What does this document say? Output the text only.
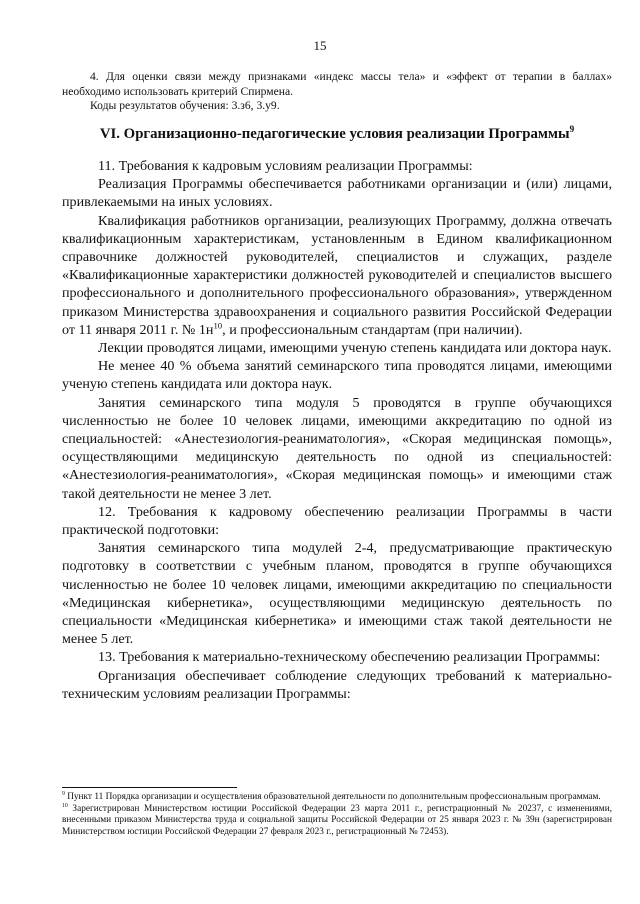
15

4. Для оценки связи между признаками «индекс массы тела» и «эффект от терапии в баллах» необходимо использовать критерий Спирмена.

Коды результатов обучения: 3.з6, 3.у9.

VI. Организационно-педагогические условия реализации Программы$^9$

11. Требования к кадровым условиям реализации Программы:

Реализация Программы обеспечивается работниками организации и (или) лицами, привлекаемыми на иных условиях.

Квалификация работников организации, реализующих Программу, должна отвечать квалификационным характеристикам, установленным в Едином квалификационном справочнике должностей руководителей, специалистов и служащих, разделе «Квалификационные характеристики должностей руководителей и специалистов высшего профессионального и дополнительного профессионального образования», утвержденном приказом Министерства здравоохранения и социального развития Российской Федерации от 11 января 2011 г. № $1н^{10}$, и профессиональным стандартам (при наличии).

Лекции проводятся лицами, имеющими ученую степень кандидата или доктора наук.

Не менее 40 % объема занятий семинарского типа проводятся лицами, имеющими ученую степень кандидата или доктора наук.

Занятия семинарского типа модуля 5 проводятся в группе обучающихся численностью не более 10 человек лицами, имеющими аккредитацию по одной из специальностей: «Анестезиология-реаниматология», «Скорая медицинская помощь», осуществляющими медицинскую деятельность по одной из специальностей: «Анестезиология-реаниматология», «Скорая медицинская помощь» и имеющими стаж такой деятельности не менее 3 лет.

12. Требования к кадровому обеспечению реализации Программы в части практической подготовки:

Занятия семинарского типа модулей 2-4, предусматривающие практическую подготовку в соответствии с учебным планом, проводятся в группе обучающихся численностью не более 10 человек лицами, имеющими аккредитацию по специальности «Медицинская кибернетика», осуществляющими медицинскую деятельность по специальности «Медицинская кибернетика» и имеющими стаж такой деятельности не менее 5 лет.

13. Требования к материально-техническому обеспечению реализации Программы:

Организация обеспечивает соблюдение следующих требований к материально-техническим условиям реализации Программы:

$^9$ Пункт 11 Порядка организации и осуществления образовательной деятельности по дополнительным профессиональным программам.

$^{10}$ Зарегистрирован Министерством юстиции Российской Федерации 23 марта 2011 г., регистрационный № 20237, с изменениями, внесенными приказом Министерства труда и социальной защиты Российской Федерации от 25 января 2023 г. № 39н (зарегистрирован Министерством юстиции Российской Федерации 27 февраля 2023 г., регистрационный № 72453).
